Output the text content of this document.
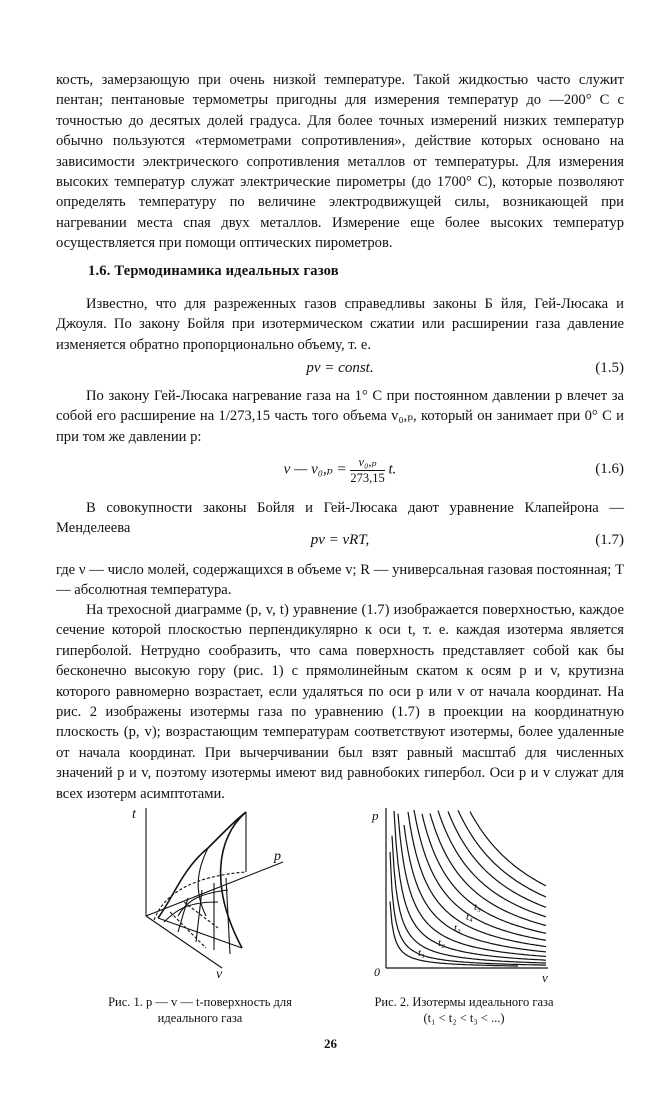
кость, замерзающую при очень низкой температуре. Такой жидкостью часто служит пентан; пентановые термометры пригодны для измерения температур до —200° С с точностью до десятых долей градуса. Для более точных измерений низких температур обычно пользуются «термометрами сопротивления», действие которых основано на зависимости электрического сопротивления металлов от температуры. Для измерения высоких температур служат электрические пирометры (до 1700° С), которые позволяют определять температуру по величине электродвижущей силы, возникающей при нагревании места спая двух металлов. Измерение еще более высоких температур осуществляется при помощи оптических пирометров.

1.6. Термодинамика идеальных газов

Известно, что для разреженных газов справедливы законы Б йля, Гей-Люсака и Джоуля. По закону Бойля при изотермическом сжатии или расширении газа давление изменяется обратно пропорционально объему, т. е.

pv = const.	(1.5)

По закону Гей-Люсака нагревание газа на 1° С при постоянном давлении p влечет за собой его расширение на 1/273,15 часть того объема v₀,ₚ, который он занимает при 0° С и при том же давлении p:

v — $v_0,_p = \frac{\text{v₀,ₚ}}{273,15} t$.	(1.6)

В совокупности законы Бойля и Гей-Люсака дают уравнение Клапейрона — Менделеева

pv = νRT,	(1.7)

где ν — число молей, содержащихся в объеме v; R — универсальная газовая постоянная; T — абсолютная температура.

На трехосной диаграмме (p, v, t) уравнение (1.7) изображается поверхностью, каждое сечение которой плоскостью перпендикулярно к оси t, т. е. каждая изотерма является гиперболой. Нетрудно сообразить, что сама поверхность представляет собой как бы бесконечно высокую гору (рис. 1) с прямолинейным скатом к осям p и v, крутизна которого равномерно возрастает, если удаляться по оси p или v от начала координат. На рис. 2 изображены изотермы газа по уравнению (1.7) в проекции на координатную плоскость (p, v); возрастающим температурам соответствуют изотермы, более удаленные от начала координат. При вычерчивании был взят равный масштаб для численных значений p и v, поэтому изотермы имеют вид равнобоких гипербол. Оси p и v служат для всех изотерм асимптотами.

t
p
v
p
v
0
t₁
t₂
t₃
t₄
t₅
Рис. 1. p — v — t-поверхность для
идеального газа
Рис. 2. Изотермы идеального газа
(t₁ < t₂ < t₃ < ...)
26
